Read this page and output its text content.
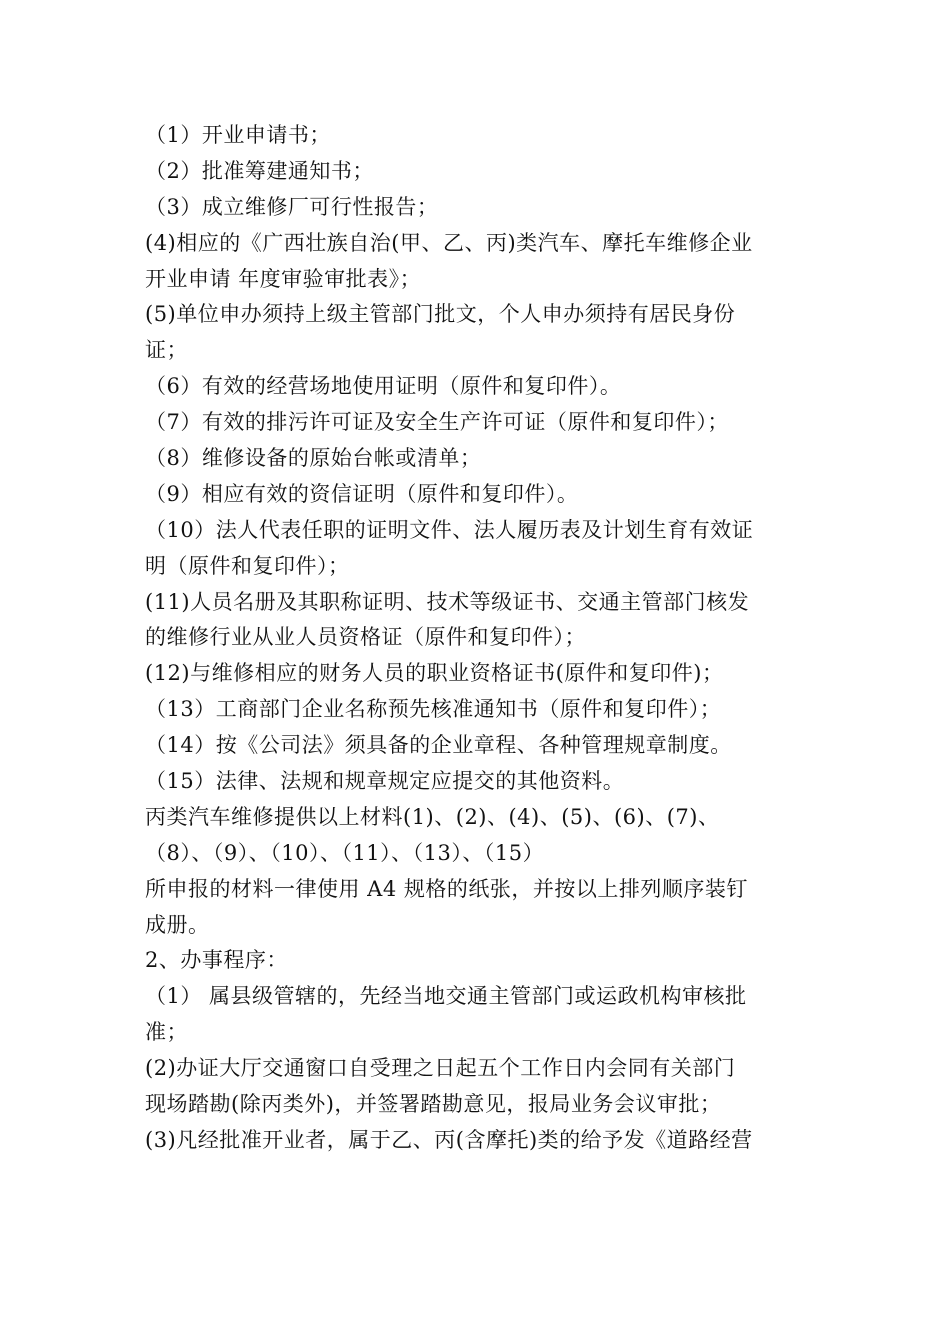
（1）开业申请书；
（2）批准筹建通知书；
（3）成立维修厂可行性报告；
(4)相应的《广西壮族自治(甲、乙、丙)类汽车、摩托车维修企业
开业申请 年度审验审批表》；
(5)单位申办须持上级主管部门批文，个人申办须持有居民身份
证；
（6）有效的经营场地使用证明（原件和复印件）。
（7）有效的排污许可证及安全生产许可证（原件和复印件）；
（8）维修设备的原始台帐或清单；
（9）相应有效的资信证明（原件和复印件）。
（10）法人代表任职的证明文件、法人履历表及计划生育有效证
明（原件和复印件）；
(11)人员名册及其职称证明、技术等级证书、交通主管部门核发
的维修行业从业人员资格证（原件和复印件）；
(12)与维修相应的财务人员的职业资格证书(原件和复印件)；
（13）工商部门企业名称预先核准通知书（原件和复印件）；
（14）按《公司法》须具备的企业章程、各种管理规章制度。
（15）法律、法规和规章规定应提交的其他资料。
丙类汽车维修提供以上材料(1)、(2)、(4)、(5)、(6)、(7)、
（8）、（9）、（10）、（11）、（13）、（15）
所申报的材料一律使用 A4 规格的纸张，并按以上排列顺序装钉
成册。
2、办事程序：
（1） 属县级管辖的，先经当地交通主管部门或运政机构审核批
准；
(2)办证大厅交通窗口自受理之日起五个工作日内会同有关部门
现场踏勘(除丙类外)，并签署踏勘意见，报局业务会议审批；
(3)凡经批准开业者，属于乙、丙(含摩托)类的给予发《道路经营
